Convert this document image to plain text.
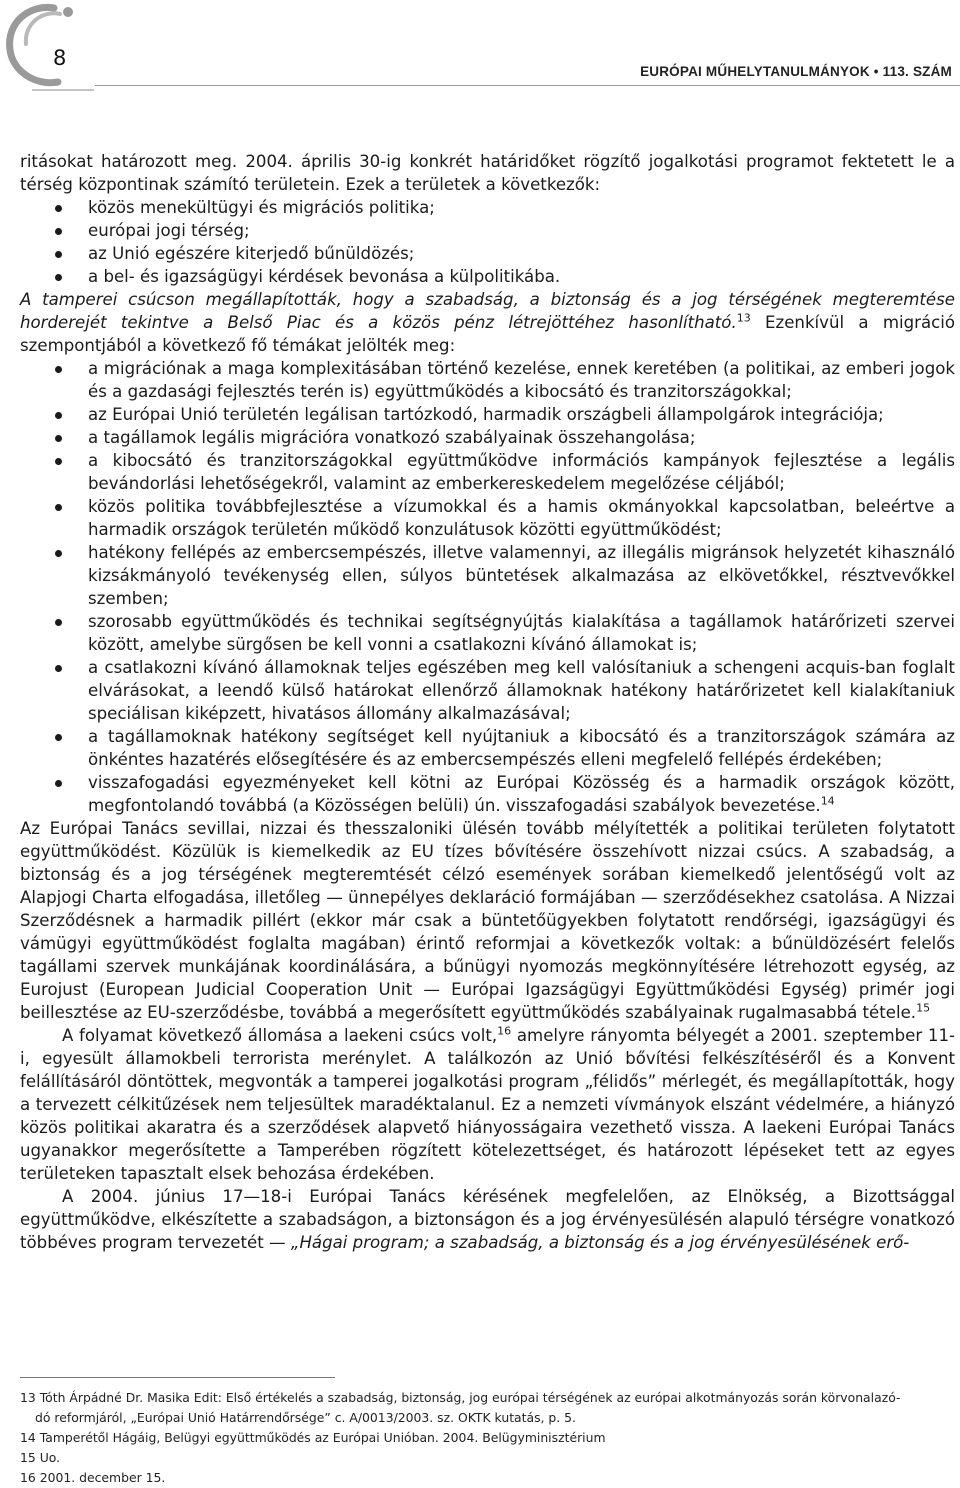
8
EURÓPAI MŰHELYTANULMÁNYOK • 113. SZÁM

ritásokat határozott meg. 2004. április 30-ig konkrét határidőket rögzítő jogalkotási programot fektetett le a térség központinak számító területein. Ezek a területek a következők:

közös menekültügyi és migrációs politika;
európai jogi térség;
az Unió egészére kiterjedő bűnüldözés;
a bel- és igazságügyi kérdések bevonása a külpolitikába.

A tamperei csúcson megállapították, hogy a szabadság, a biztonság és a jog térségének megteremtése horderejét tekintve a Belső Piac és a közös pénz létrejöttéhez hasonlítható.$^{13}$ Ezenkívül a migráció szempontjából a következő fő témákat jelölték meg:

a migrációnak a maga komplexitásában történő kezelése, ennek keretében (a politikai, az emberi jogok és a gazdasági fejlesztés terén is) együttműködés a kibocsátó és tranzitországokkal;
az Európai Unió területén legálisan tartózkodó, harmadik országbeli állampolgárok integrációja;
a tagállamok legális migrációra vonatkozó szabályainak összehangolása;
a kibocsátó és tranzitországokkal együttműködve információs kampányok fejlesztése a legális bevándorlási lehetőségekről, valamint az emberkereskedelem megelőzése céljából;
közös politika továbbfejlesztése a vízumokkal és a hamis okmányokkal kapcsolatban, beleértve a harmadik országok területén működő konzulátusok közötti együttműködést;
hatékony fellépés az embercsempészés, illetve valamennyi, az illegális migránsok helyzetét kihasználó kizsákmányoló tevékenység ellen, súlyos büntetések alkalmazása az elkövetőkkel, résztvevőkkel szemben;
szorosabb együttműködés és technikai segítségnyújtás kialakítása a tagállamok határőrizeti szervei között, amelybe sürgősen be kell vonni a csatlakozni kívánó államokat is;
a csatlakozni kívánó államoknak teljes egészében meg kell valósítaniuk a schengeni acquis-ban foglalt elvárásokat, a leendő külső határokat ellenőrző államoknak hatékony határőrizetet kell kialakítaniuk speciálisan kiképzett, hivatásos állomány alkalmazásával;
a tagállamoknak hatékony segítséget kell nyújtaniuk a kibocsátó és a tranzitországok számára az önkéntes hazatérés elősegítésére és az embercsempészés elleni megfelelő fellépés érdekében;
visszafogadási egyezményeket kell kötni az Európai Közösség és a harmadik országok között, megfontolandó továbbá (a Közösségen belüli) ún. visszafogadási szabályok bevezetése.$^{14}$

Az Európai Tanács sevillai, nizzai és thesszaloniki ülésén tovább mélyítették a politikai területen folytatott együttműködést. Közülük is kiemelkedik az EU tízes bővítésére összehívott nizzai csúcs. A szabadság, a biztonság és a jog térségének megteremtését célzó események sorában kiemelkedő jelentőségű volt az Alapjogi Charta elfogadása, illetőleg — ünnepélyes deklaráció formájában — szerződésekhez csatolása. A Nizzai Szerződésnek a harmadik pillért (ekkor már csak a büntetőügyekben folytatott rendőrségi, igazságügyi és vámügyi együttműködést foglalta magában) érintő reformjai a következők voltak: a bűnüldözésért felelős tagállami szervek munkájának koordinálására, a bűnügyi nyomozás megkönnyítésére létrehozott egység, az Eurojust (European Judicial Cooperation Unit — Európai Igazságügyi Együttműködési Egység) primér jogi beillesztése az EU-szerződésbe, továbbá a megerősített együttműködés szabályainak rugalmasabbá tétele.$^{15}$

A folyamat következő állomása a laekeni csúcs volt,$^{16}$ amelyre rányomta bélyegét a 2001. szeptember 11-i, egyesült államokbeli terrorista merénylet. A találkozón az Unió bővítési felkészítéséről és a Konvent felállításáról döntöttek, megvonták a tamperei jogalkotási program „félidős” mérlegét, és megállapították, hogy a tervezett célkitűzések nem teljesültek maradéktalanul. Ez a nemzeti vívmányok elszánt védelmére, a hiányzó közös politikai akaratra és a szerződések alapvető hiányosságaira vezethető vissza. A laekeni Európai Tanács ugyanakkor megerősítette a Tamperében rögzített kötelezettséget, és határozott lépéseket tett az egyes területeken tapasztalt elsek behozása érdekében.

A 2004. június 17—18-i Európai Tanács kérésének megfelelően, az Elnökség, a Bizottsággal együttműködve, elkészítette a szabadságon, a biztonságon és a jog érvényesülésén alapuló térségre vonatkozó többéves program tervezetét — „Hágai program; a szabadság, a biztonság és a jog érvényesülésének erő-

13 Tóth Árpádné Dr. Masika Edit: Első értékelés a szabadság, biztonság, jog európai térségének az európai alkotmányozás során körvonalazó-
dó reformjáról, „Európai Unió Határrendőrsége” c. A/0013/2003. sz. OKTK kutatás, p. 5.
14 Tamperétől Hágáig, Belügyi együttműködés az Európai Unióban. 2004. Belügyminisztérium
15 Uo.
16 2001. december 15.
